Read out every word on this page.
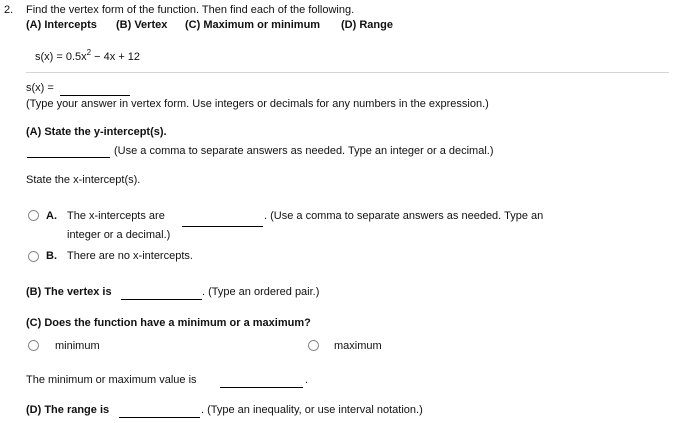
2. Find the vertex form of the function. Then find each of the following.
(A) Intercepts (B) Vertex (C) Maximum or minimum (D) Range
$s(x) = 0.5x^2 - 4x + 12$
s(x) =
(Type your answer in vertex form. Use integers or decimals for any numbers in the expression.)
(A) State the y-intercept(s).
(Use a comma to separate answers as needed. Type an integer or a decimal.)
State the x-intercept(s).
A. The x-intercepts are	. (Use a comma to separate answers as needed. Type an
integer or a decimal.)
B. There are no x-intercepts.
(B) The vertex is	. (Type an ordered pair.)
(C) Does the function have a minimum or a maximum?
minimum	maximum
The minimum or maximum value is	.
(D) The range is	. (Type an inequality, or use interval notation.)
